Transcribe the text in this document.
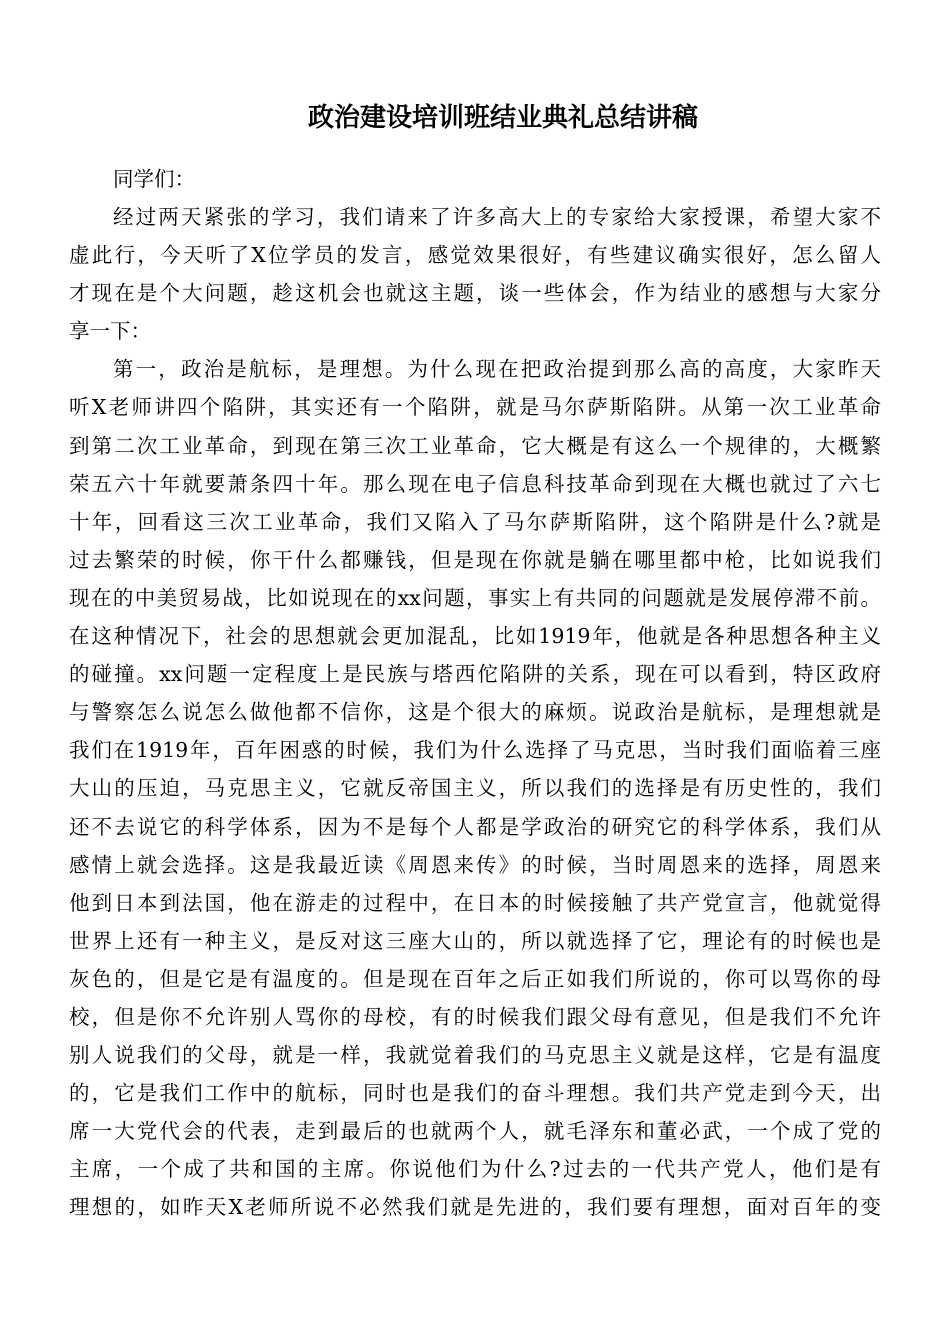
政治建设培训班结业典礼总结讲稿

同学们：

经过两天紧张的学习，我们请来了许多高大上的专家给大家授课，希望大家不
虚此行，今天听了X位学员的发言，感觉效果很好，有些建议确实很好，怎么留人
才现在是个大问题，趁这机会也就这主题，谈一些体会，作为结业的感想与大家分
享一下：
第一，政治是航标，是理想。为什么现在把政治提到那么高的高度，大家昨天
听X老师讲四个陷阱，其实还有一个陷阱，就是马尔萨斯陷阱。从第一次工业革命
到第二次工业革命，到现在第三次工业革命，它大概是有这么一个规律的，大概繁
荣五六十年就要萧条四十年。那么现在电子信息科技革命到现在大概也就过了六七
十年，回看这三次工业革命，我们又陷入了马尔萨斯陷阱，这个陷阱是什么?就是
过去繁荣的时候，你干什么都赚钱，但是现在你就是躺在哪里都中枪，比如说我们
现在的中美贸易战，比如说现在的xx问题，事实上有共同的问题就是发展停滞不前。
在这种情况下，社会的思想就会更加混乱，比如1919年，他就是各种思想各种主义
的碰撞。xx问题一定程度上是民族与塔西佗陷阱的关系，现在可以看到，特区政府
与警察怎么说怎么做他都不信你，这是个很大的麻烦。说政治是航标，是理想就是
我们在1919年，百年困惑的时候，我们为什么选择了马克思，当时我们面临着三座
大山的压迫，马克思主义，它就反帝国主义，所以我们的选择是有历史性的，我们
还不去说它的科学体系，因为不是每个人都是学政治的研究它的科学体系，我们从
感情上就会选择。这是我最近读《周恩来传》的时候，当时周恩来的选择，周恩来
他到日本到法国，他在游走的过程中，在日本的时候接触了共产党宣言，他就觉得
世界上还有一种主义，是反对这三座大山的，所以就选择了它，理论有的时候也是
灰色的，但是它是有温度的。但是现在百年之后正如我们所说的，你可以骂你的母
校，但是你不允许别人骂你的母校，有的时候我们跟父母有意见，但是我们不允许
别人说我们的父母，就是一样，我就觉着我们的马克思主义就是这样，它是有温度
的，它是我们工作中的航标，同时也是我们的奋斗理想。我们共产党走到今天，出
席一大党代会的代表，走到最后的也就两个人，就毛泽东和董必武，一个成了党的
主席，一个成了共和国的主席。你说他们为什么?过去的一代共产党人，他们是有
理想的，如昨天X老师所说不必然我们就是先进的，我们要有理想，面对百年的变
